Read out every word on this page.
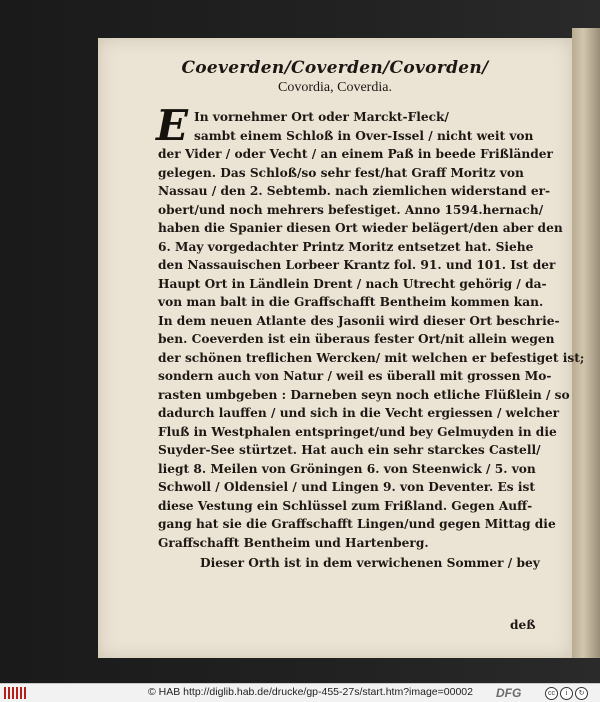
Coeverden/Coverden/Covorden/
Covordia, Coverdia.
E In vornehmer Ort oder Marckt-Fleck/
sambt einem Schloß in Over-Issel / nicht weit von
der Vider / oder Vecht / an einem Paß in beede Frißländer
gelegen. Das Schloß/so sehr fest/hat Graff Moritz von
Nassau / den 2. Sebtemb. nach ziemlichen widerstand er-
obert/und noch mehrers befestiget. Anno 1594.hernach/
haben die Spanier diesen Ort wieder belägert/den aber den
6. May vorgedachter Printz Moritz entsetzet hat. Siehe
den Nassauischen Lorbeer Krantz fol. 91. und 101. Ist der
Haupt Ort in Ländlein Drent / nach Utrecht gehörig / da-
von man balt in die Graffschafft Bentheim kommen kan.
In dem neuen Atlante des Jasonii wird dieser Ort beschrie-
ben. Coeverden ist ein überaus fester Ort/nit allein wegen
der schönen treflichen Wercken/ mit welchen er befestiget ist;
sondern auch von Natur / weil es überall mit grossen Mo-
rasten umbgeben : Darneben seyn noch etliche Flüßlein / so
dadurch lauffen / und sich in die Vecht ergiessen / welcher
Fluß in Westphalen entspringet/und bey Gelmuyden in die
Suyder-See stürtzet. Hat auch ein sehr starckes Castell/
liegt 8. Meilen von Gröningen 6. von Steenwick / 5. von
Schwoll / Oldensiel / und Lingen 9. von Deventer. Es ist
diese Vestung ein Schlüssel zum Frißland. Gegen Auff-
gang hat sie die Graffschafft Lingen/und gegen Mittag die
Graffschafft Bentheim und Hartenberg.
Dieser Orth ist in dem verwichenen Sommer / bey
deß
© HAB http://diglib.hab.de/drucke/gp-455-27s/start.htm?image=00002 DFG	cc	i	↻
